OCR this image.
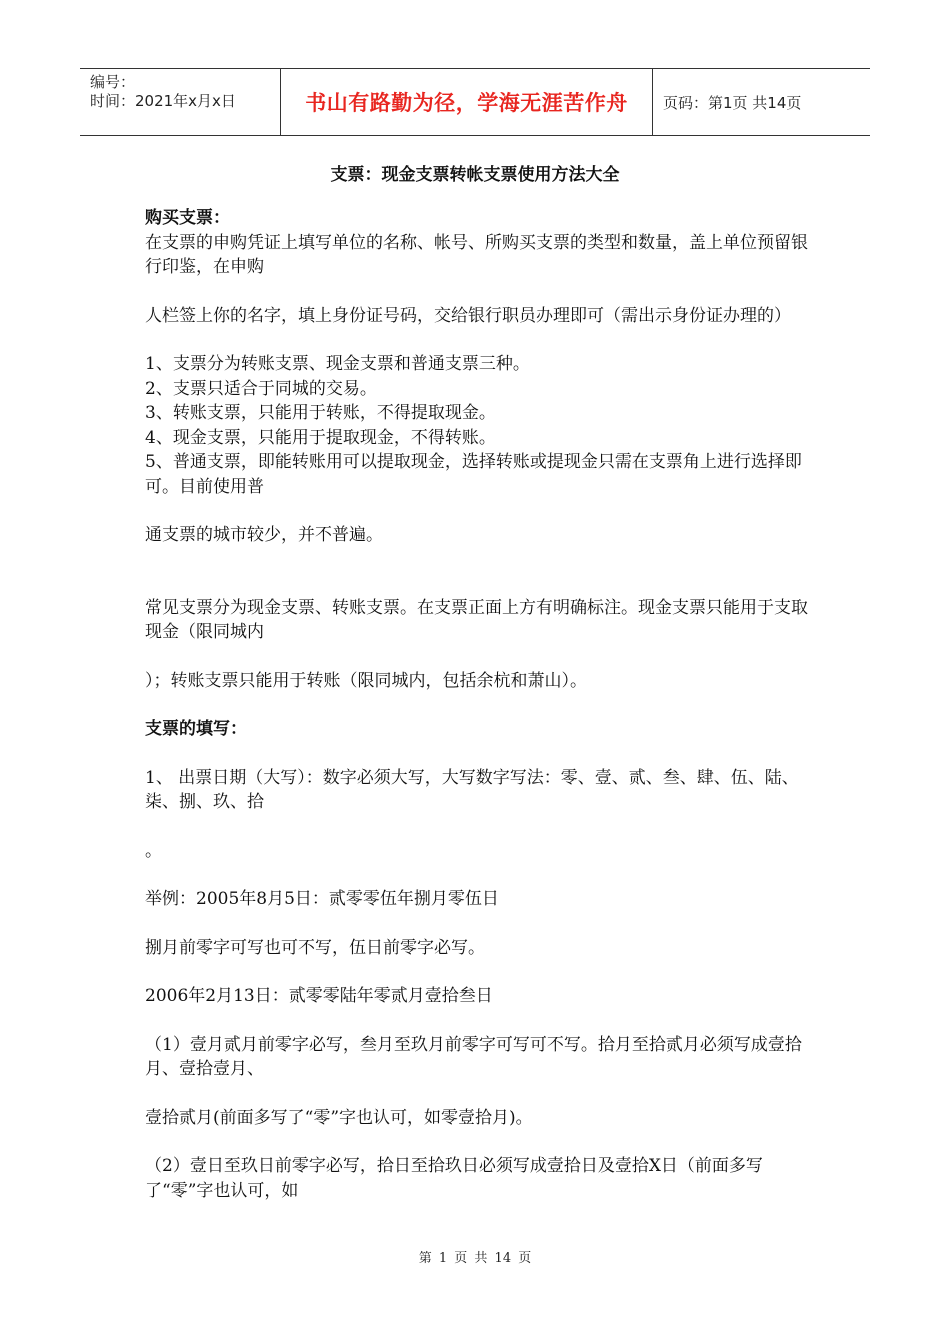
编号：
时间：2021年x月x日	书山有路勤为径，学海无涯苦作舟	页码：第1页 共14页
支票：现金支票转帐支票使用方法大全

购买支票：

在支票的申购凭证上填写单位的名称、帐号、所购买支票的类型和数量，盖上单位预留银行印鉴，在申购

人栏签上你的名字，填上身份证号码，交给银行职员办理即可（需出示身份证办理的）

1、支票分为转账支票、现金支票和普通支票三种。

2、支票只适合于同城的交易。

3、转账支票，只能用于转账，不得提取现金。

4、现金支票，只能用于提取现金，不得转账。

5、普通支票，即能转账用可以提取现金，选择转账或提现金只需在支票角上进行选择即可。目前使用普

通支票的城市较少，并不普遍。

常见支票分为现金支票、转账支票。在支票正面上方有明确标注。现金支票只能用于支取现金（限同城内

）；转账支票只能用于转账（限同城内，包括余杭和萧山）。

支票的填写：

1、 出票日期（大写）：数字必须大写，大写数字写法：零、壹、贰、叁、肆、伍、陆、柒、捌、玖、拾

。

举例：2005年8月5日：贰零零伍年捌月零伍日

捌月前零字可写也可不写，伍日前零字必写。

2006年2月13日：贰零零陆年零贰月壹拾叁日

（1）壹月贰月前零字必写，叁月至玖月前零字可写可不写。拾月至拾贰月必须写成壹拾月、壹拾壹月、

壹拾贰月(前面多写了“零”字也认可，如零壹拾月)。

（2）壹日至玖日前零字必写，拾日至拾玖日必须写成壹拾日及壹拾X日（前面多写了“零”字也认可，如

第 1 页 共 14 页
